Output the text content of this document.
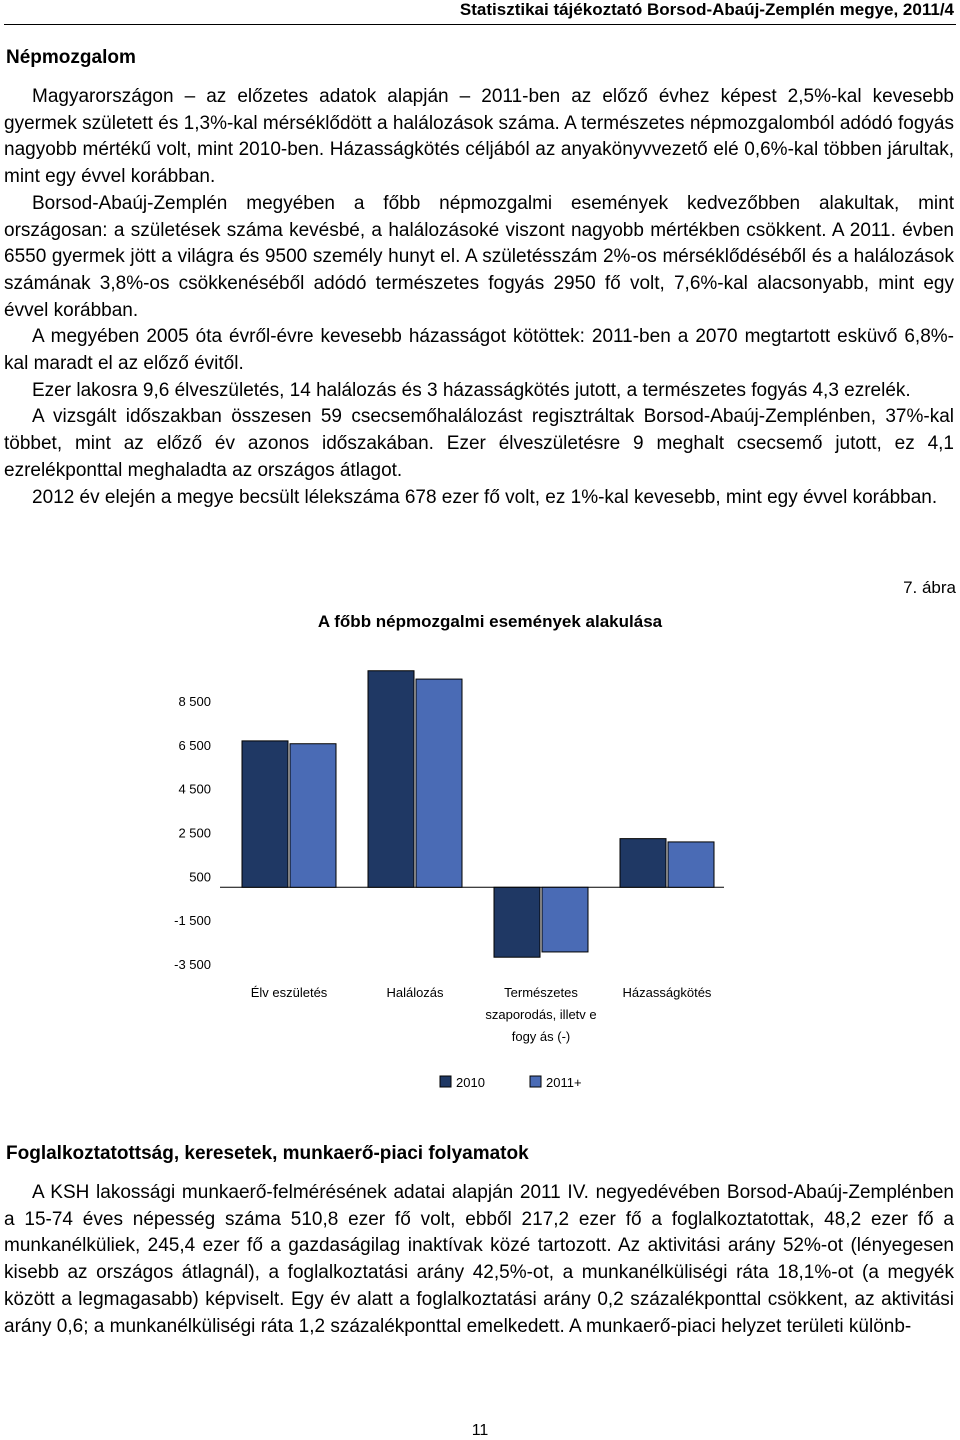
Statisztikai tájékoztató Borsod-Abaúj-Zemplén megye, 2011/4
Népmozgalom

Magyarországon – az előzetes adatok alapján – 2011-ben az előző évhez képest 2,5%-kal kevesebb gyermek született és 1,3%-kal mérséklődött a halálozások száma. A természetes népmozgalomból adódó fogyás nagyobb mértékű volt, mint 2010-ben. Házasságkötés céljából az anyakönyvvezető elé 0,6%-kal többen járultak, mint egy évvel korábban.

Borsod-Abaúj-Zemplén megyében a főbb népmozgalmi események kedvezőbben alakultak, mint országosan: a születések száma kevésbé, a halálozásoké viszont nagyobb mértékben csökkent. A 2011. évben 6550 gyermek jött a világra és 9500 személy hunyt el. A születésszám 2%-os mérséklődéséből és a halálozások számának 3,8%-os csökkenéséből adódó természetes fogyás 2950 fő volt, 7,6%-kal alacsonyabb, mint egy évvel korábban.

A megyében 2005 óta évről-évre kevesebb házasságot kötöttek: 2011-ben a 2070 megtartott esküvő 6,8%-kal maradt el az előző évitől.

Ezer lakosra 9,6 élveszületés, 14 halálozás és 3 házasságkötés jutott, a természetes fogyás 4,3 ezrelék.

A vizsgált időszakban összesen 59 csecsemőhalálozást regisztráltak Borsod-Abaúj-Zemplénben, 37%-kal többet, mint az előző év azonos időszakában. Ezer élveszületésre 9 meghalt csecsemő jutott, ez 4,1 ezrelékponttal meghaladta az országos átlagot.

2012 év elején a megye becsült lélekszáma 678 ezer fő volt, ez 1%-kal kevesebb, mint egy évvel korábban.

7. ábra
A főbb népmozgalmi események alakulása
8 500
6 500
4 500
2 500
500
-1 500
-3 500
Élv eszületés	Halálozás	Természetes
szaporodás, illetv e
fogy ás (-)
Házasságkötés
2010	2011+
Foglalkoztatottság, keresetek, munkaerő-piaci folyamatok

A KSH lakossági munkaerő-felmérésének adatai alapján 2011 IV. negyedévében Borsod-Abaúj-Zemplénben a 15-74 éves népesség száma 510,8 ezer fő volt, ebből 217,2 ezer fő a foglalkoztatottak, 48,2 ezer fő a munkanélküliek, 245,4 ezer fő a gazdaságilag inaktívak közé tartozott. Az aktivitási arány 52%-ot (lényegesen kisebb az országos átlagnál), a foglalkoztatási arány 42,5%-ot, a munkanélküliségi ráta 18,1%-ot (a megyék között a legmagasabb) képviselt. Egy év alatt a foglalkoztatási arány 0,2 százalékponttal csökkent, az aktivitási arány 0,6; a munkanélküliségi ráta 1,2 százalékponttal emelkedett. A munkaerő-piaci helyzet területi különb-

11
